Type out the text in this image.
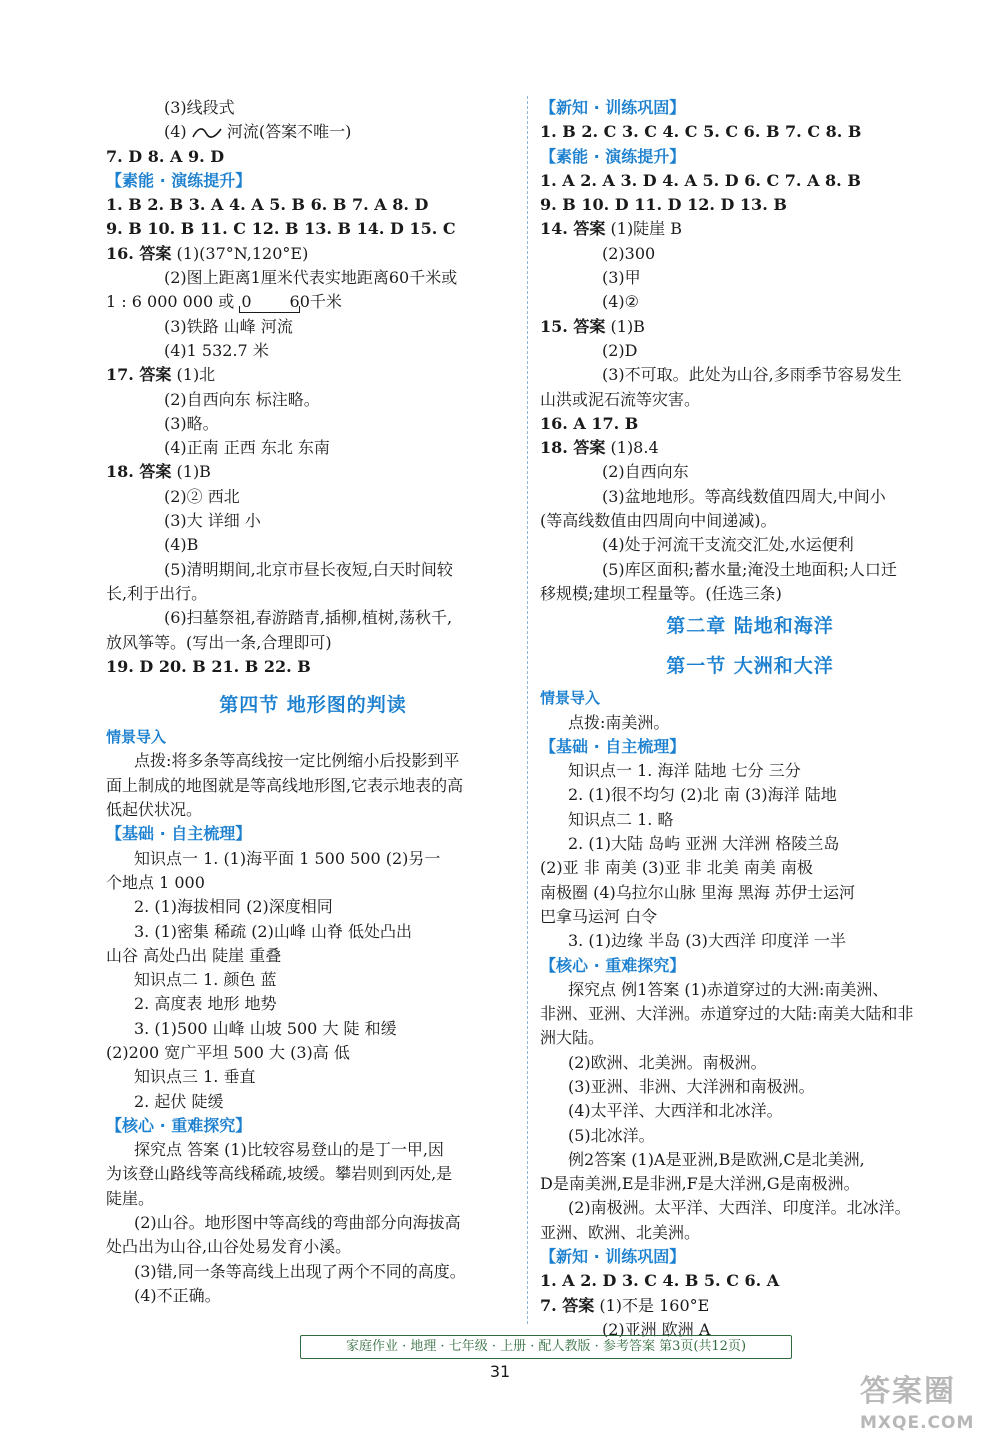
(3)线段式
(4)	河流(答案不唯一)
7. D 8. A 9. D
【素能 · 演练提升】
1. B 2. B 3. A 4. A 5. B 6. B 7. A 8. D
9. B 10. B 11. C 12. B 13. B 14. D 15. C
16. 答案 (1)(37°N,120°E)
(2)图上距离1厘米代表实地距离60千米或
1 : 6 000 000 或 0 60千米
(3)铁路 山峰 河流
(4)1 532.7 米
17. 答案 (1)北
(2)自西向东 标注略。
(3)略。
(4)正南 正西 东北 东南
18. 答案 (1)B
(2)② 西北
(3)大 详细 小
(4)B
(5)清明期间,北京市昼长夜短,白天时间较
长,利于出行。
(6)扫墓祭祖,春游踏青,插柳,植树,荡秋千,
放风筝等。(写出一条,合理即可)
19. D 20. B 21. B 22. B
第四节 地形图的判读
情景导入
点拨:将多条等高线按一定比例缩小后投影到平
面上制成的地图就是等高线地形图,它表示地表的高
低起伏状况。
【基础 · 自主梳理】
知识点一 1. (1)海平面 1 500 500 (2)另一
个地点 1 000
2. (1)海拔相同 (2)深度相同
3. (1)密集 稀疏 (2)山峰 山脊 低处凸出
山谷 高处凸出 陡崖 重叠
知识点二 1. 颜色 蓝
2. 高度表 地形 地势
3. (1)500 山峰 山坡 500 大 陡 和缓
(2)200 宽广平坦 500 大 (3)高 低
知识点三 1. 垂直
2. 起伏 陡缓
【核心 · 重难探究】
探究点 答案 (1)比较容易登山的是丁一甲,因
为该登山路线等高线稀疏,坡缓。攀岩则到丙处,是
陡崖。
(2)山谷。地形图中等高线的弯曲部分向海拔高
处凸出为山谷,山谷处易发育小溪。
(3)错,同一条等高线上出现了两个不同的高度。
(4)不正确。
【新知 · 训练巩固】
1. B 2. C 3. C 4. C 5. C 6. B 7. C 8. B
【素能 · 演练提升】
1. A 2. A 3. D 4. A 5. D 6. C 7. A 8. B
9. B 10. D 11. D 12. D 13. B
14. 答案 (1)陡崖 B
(2)300
(3)甲
(4)②
15. 答案 (1)B
(2)D
(3)不可取。此处为山谷,多雨季节容易发生
山洪或泥石流等灾害。
16. A 17. B
18. 答案 (1)8.4
(2)自西向东
(3)盆地地形。等高线数值四周大,中间小
(等高线数值由四周向中间递减)。
(4)处于河流干支流交汇处,水运便利
(5)库区面积;蓄水量;淹没土地面积;人口迁
移规模;建坝工程量等。(任选三条)
第二章 陆地和海洋
第一节 大洲和大洋
情景导入
点拨:南美洲。
【基础 · 自主梳理】
知识点一 1. 海洋 陆地 七分 三分
2. (1)很不均匀 (2)北 南 (3)海洋 陆地
知识点二 1. 略
2. (1)大陆 岛屿 亚洲 大洋洲 格陵兰岛
(2)亚 非 南美 (3)亚 非 北美 南美 南极
南极圈 (4)乌拉尔山脉 里海 黑海 苏伊士运河
巴拿马运河 白令
3. (1)边缘 半岛 (3)大西洋 印度洋 一半
【核心 · 重难探究】
探究点 例1答案 (1)赤道穿过的大洲:南美洲、
非洲、亚洲、大洋洲。赤道穿过的大陆:南美大陆和非
洲大陆。
(2)欧洲、北美洲。南极洲。
(3)亚洲、非洲、大洋洲和南极洲。
(4)太平洋、大西洋和北冰洋。
(5)北冰洋。
例2答案 (1)A是亚洲,B是欧洲,C是北美洲,
D是南美洲,E是非洲,F是大洋洲,G是南极洲。
(2)南极洲。太平洋、大西洋、印度洋。北冰洋。
亚洲、欧洲、北美洲。
【新知 · 训练巩固】
1. A 2. D 3. C 4. B 5. C 6. A
7. 答案 (1)不是 160°E
(2)亚洲 欧洲 A
家庭作业 · 地理 · 七年级 · 上册 · 配人教版 · 参考答案 第3页(共12页)
31
答案圈
MXQE.COM
